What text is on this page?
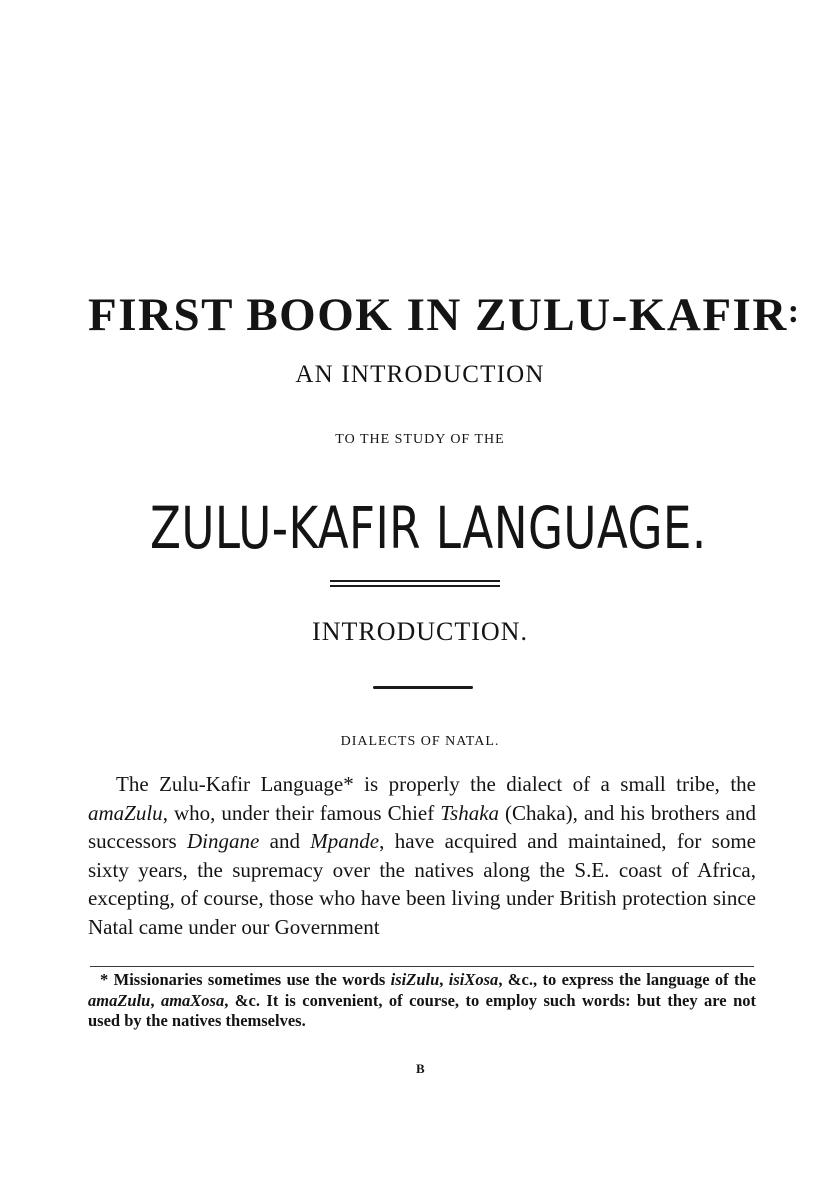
FIRST BOOK IN ZULU-KAFIR:
AN INTRODUCTION
TO THE STUDY OF THE
ZULU-KAFIR LANGUAGE.
INTRODUCTION.
DIALECTS OF NATAL.
The Zulu-Kafir Language* is properly the dialect of a small tribe, the amaZulu, who, under their famous Chief Tshaka (Chaka), and his brothers and successors Dingane and Mpande, have acquired and maintained, for some sixty years, the supremacy over the natives along the S.E. coast of Africa, excepting, of course, those who have been living under British protection since Natal came under our Government
* Missionaries sometimes use the words isiZulu, isiXosa, &c., to express the language of the amaZulu, amaXosa, &c. It is convenient, of course, to employ such words: but they are not used by the natives themselves.
B
